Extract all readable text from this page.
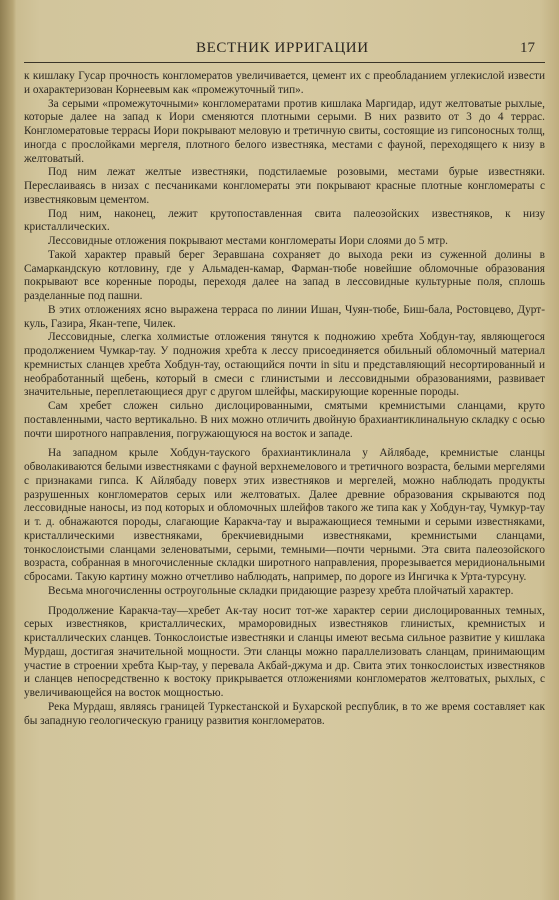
ВЕСТНИК ИРРИГАЦИИ	17

к кишлаку Гусар прочность конгломератов увеличивается, цемент их с преобладанием углекислой извести и охарактеризован Корнеевым как «промежуточный тип».

За серыми «промежуточными» конгломератами против кишлака Маргидар, идут желтоватые рыхлые, которые далее на запад к Иори сменяются плотными серыми. В них развито от 3 до 4 террас. Конгломератовые террасы Иори покрывают меловую и третичную свиты, состоящие из гипсоносных толщ, иногда с прослойками мергеля, плотного белого известняка, местами с фауной, переходящего к низу в желтоватый.

Под ним лежат желтые известняки, подстилаемые розовыми, местами бурые известняки. Переслаиваясь в низах с песчаниками конгломераты эти покрывают красные плотные конгломераты с известняковым цементом.

Под ним, наконец, лежит крутопоставленная свита палеозойских известняков, к низу кристаллических.

Лессовидные отложения покрывают местами конгломераты Иори слоями до 5 мтр.

Такой характер правый берег Зеравшана сохраняет до выхода реки из суженной долины в Самаркандскую котловину, где у Альмаден-камар, Фарман-тюбе новейшие обломочные образования покрывают все коренные породы, переходя далее на запад в лессовидные культурные поля, сплошь разделанные под пашни.

В этих отложениях ясно выражена терраса по линии Ишан, Чуян-тюбе, Биш-бала, Ростовцево, Дурт-куль, Газира, Якан-тепе, Чилек.

Лессовидные, слегка холмистые отложения тянутся к подножию хребта Хобдун-тау, являющегося продолжением Чумкар-тау. У подножия хребта к лессу присоединяется обильный обломочный материал кремнистых сланцев хребта Хобдун-тау, остающийся почти in situ и представляющий несортированный и необработанный щебень, который в смеси с глинистыми и лессовидными образованиями, развивает значительные, переплетающиеся друг с другом шлейфы, маскирующие коренные породы.

Сам хребет сложен сильно дислоцированными, смятыми кремнистыми сланцами, круто поставленными, часто вертикально. В них можно отличить двойную брахиантиклинальную складку с осью почти широтного направления, погружающуюся на восток и западе.

На западном крыле Хобдун-тауского брахиантиклинала у Айлябаде, кремнистые сланцы обволакиваются белыми известняками с фауной верхнемелового и третичного возраста, белыми мергелями с признаками гипса. К Айлябаду поверх этих известняков и мергелей, можно наблюдать продукты разрушенных конгломератов серых или желтоватых. Далее древние образования скрываются под лессовидные наносы, из под которых и обломочных шлейфов такого же типа как у Хобдун-тау, Чумкур-тау и т. д. обнажаются породы, слагающие Каракча-тау и выражающиеся темными и серыми известняками, кристаллическими известняками, брекчиевидными известняками, кремнистыми сланцами, тонкослоистыми сланцами зеленоватыми, серыми, темными—почти черными. Эта свита палеозойского возраста, собранная в многочисленные складки широтного направления, прорезывается меридиональными сбросами. Такую картину можно отчетливо наблюдать, например, по дороге из Ингичка к Урта-турсуну.

Весьма многочисленны остроугольные складки придающие разрезу хребта плойчатый характер.

Продолжение Каракча-тау—хребет Ак-тау носит тот-же характер серии дислоцированных темных, серых известняков, кристаллических, мраморовидных известняков глинистых, кремнистых и кристаллических сланцев. Тонкослоистые известняки и сланцы имеют весьма сильное развитие у кишлака Мурдаш, достигая значительной мощности. Эти сланцы можно параллелизовать сланцам, принимающим участие в строении хребта Кыр-тау, у перевала Акбай-джума и др. Свита этих тонкослоистых известняков и сланцев непосредственно к востоку прикрывается отложениями конгломератов желтоватых, рыхлых, с увеличивающейся на восток мощностью.

Река Мурдаш, являясь границей Туркестанской и Бухарской республик, в то же время составляет как бы западную геологическую границу развития конгломератов.
